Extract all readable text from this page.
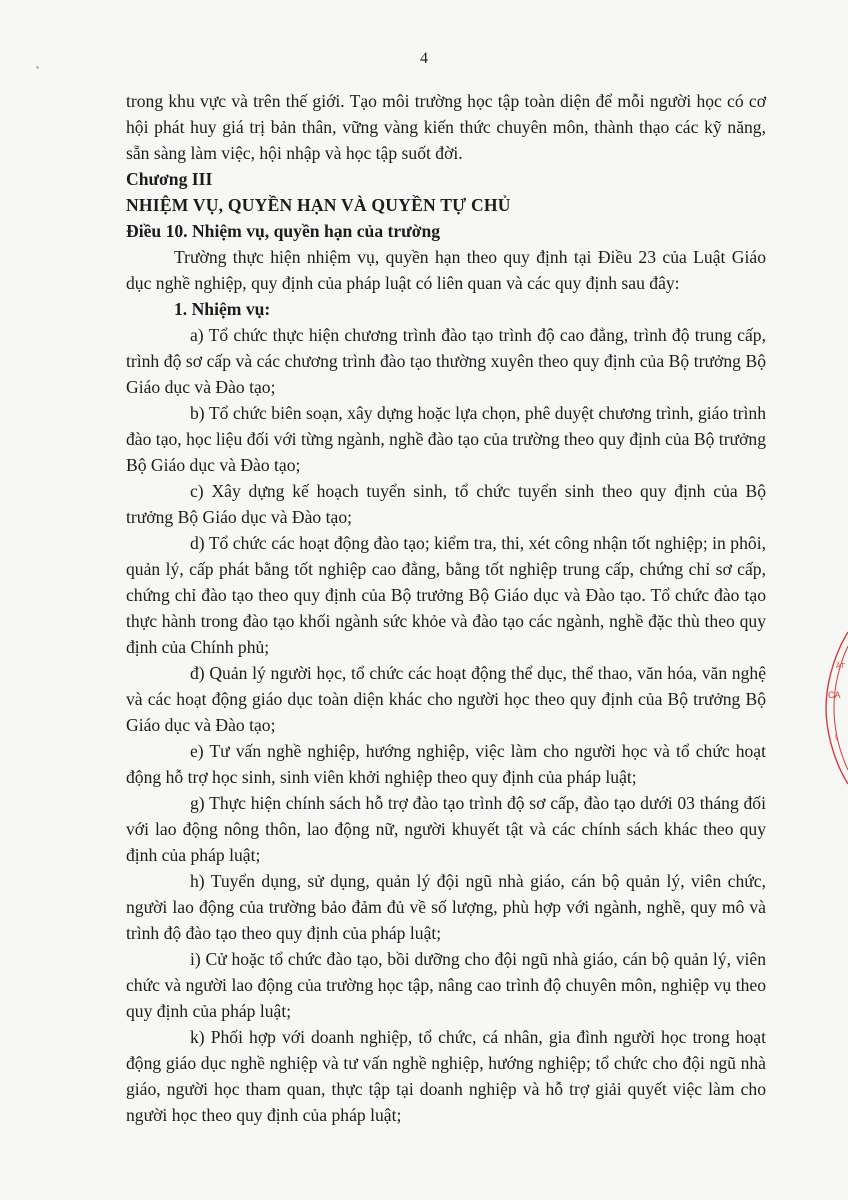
4

trong khu vực và trên thế giới. Tạo môi trường học tập toàn diện để mỗi người học có cơ hội phát huy giá trị bản thân, vững vàng kiến thức chuyên môn, thành thạo các kỹ năng, sẵn sàng làm việc, hội nhập và học tập suốt đời.

Chương III

NHIỆM VỤ, QUYỀN HẠN VÀ QUYỀN TỰ CHỦ

Điều 10. Nhiệm vụ, quyền hạn của trường

Trường thực hiện nhiệm vụ, quyền hạn theo quy định tại Điều 23 của Luật Giáo dục nghề nghiệp, quy định của pháp luật có liên quan và các quy định sau đây:

1. Nhiệm vụ:

a) Tổ chức thực hiện chương trình đào tạo trình độ cao đẳng, trình độ trung cấp, trình độ sơ cấp và các chương trình đào tạo thường xuyên theo quy định của Bộ trưởng Bộ Giáo dục và Đào tạo;

b) Tổ chức biên soạn, xây dựng hoặc lựa chọn, phê duyệt chương trình, giáo trình đào tạo, học liệu đối với từng ngành, nghề đào tạo của trường theo quy định của Bộ trưởng Bộ Giáo dục và Đào tạo;

c) Xây dựng kế hoạch tuyển sinh, tổ chức tuyển sinh theo quy định của Bộ trưởng Bộ Giáo dục và Đào tạo;

d) Tổ chức các hoạt động đào tạo; kiểm tra, thi, xét công nhận tốt nghiệp; in phôi, quản lý, cấp phát bằng tốt nghiệp cao đẳng, bằng tốt nghiệp trung cấp, chứng chỉ sơ cấp, chứng chỉ đào tạo theo quy định của Bộ trưởng Bộ Giáo dục và Đào tạo. Tổ chức đào tạo thực hành trong đào tạo khối ngành sức khỏe và đào tạo các ngành, nghề đặc thù theo quy định của Chính phủ;

đ) Quản lý người học, tổ chức các hoạt động thể dục, thể thao, văn hóa, văn nghệ và các hoạt động giáo dục toàn diện khác cho người học theo quy định của Bộ trưởng Bộ Giáo dục và Đào tạo;

e) Tư vấn nghề nghiệp, hướng nghiệp, việc làm cho người học và tổ chức hoạt động hỗ trợ học sinh, sinh viên khởi nghiệp theo quy định của pháp luật;

g) Thực hiện chính sách hỗ trợ đào tạo trình độ sơ cấp, đào tạo dưới 03 tháng đối với lao động nông thôn, lao động nữ, người khuyết tật và các chính sách khác theo quy định của pháp luật;

h) Tuyển dụng, sử dụng, quản lý đội ngũ nhà giáo, cán bộ quản lý, viên chức, người lao động của trường bảo đảm đủ về số lượng, phù hợp với ngành, nghề, quy mô và trình độ đào tạo theo quy định của pháp luật;

i) Cử hoặc tổ chức đào tạo, bồi dưỡng cho đội ngũ nhà giáo, cán bộ quản lý, viên chức và người lao động của trường học tập, nâng cao trình độ chuyên môn, nghiệp vụ theo quy định của pháp luật;

k) Phối hợp với doanh nghiệp, tổ chức, cá nhân, gia đình người học trong hoạt động giáo dục nghề nghiệp và tư vấn nghề nghiệp, hướng nghiệp; tổ chức cho đội ngũ nhà giáo, người học tham quan, thực tập tại doanh nghiệp và hỗ trợ giải quyết việc làm cho người học theo quy định của pháp luật;

CA
ẬT
\
